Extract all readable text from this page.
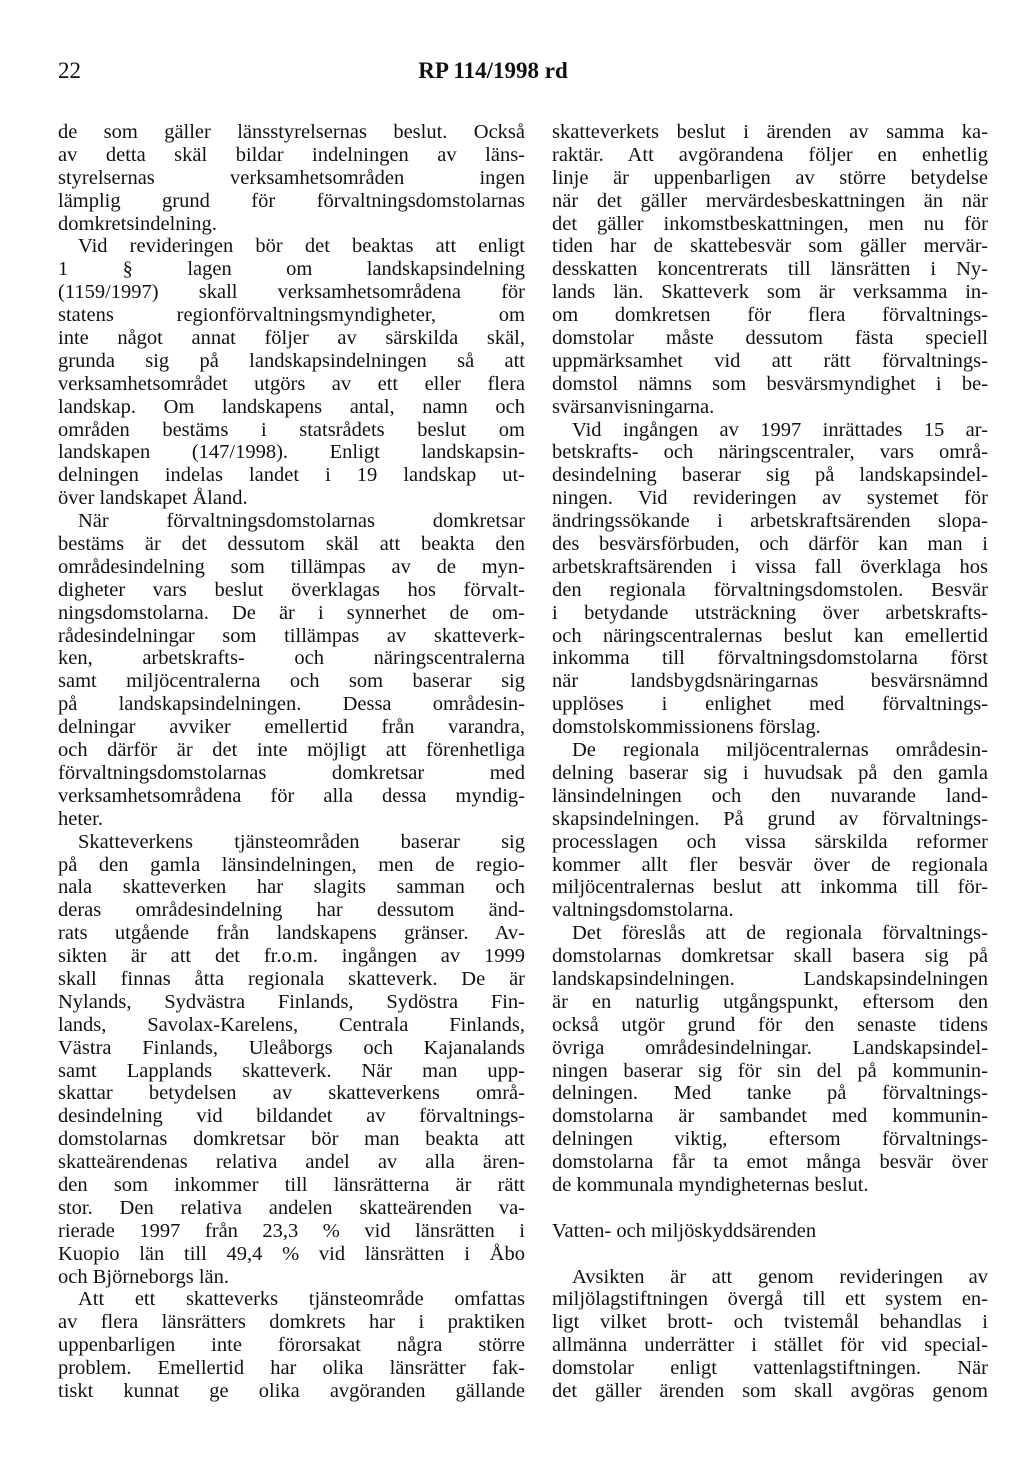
22	RP 114/1998 rd
de som gäller länsstyrelsernas beslut. Också
av detta skäl bildar indelningen av läns-
styrelsernas verksamhetsområden ingen
lämplig grund för förvaltningsdomstolarnas
domkretsindelning.
Vid revideringen bör det beaktas att enligt
1 § lagen om landskapsindelning
(1159/1997) skall verksamhetsområdena för
statens regionförvaltningsmyndigheter, om
inte något annat följer av särskilda skäl,
grunda sig på landskapsindelningen så att
verksamhetsområdet utgörs av ett eller flera
landskap. Om landskapens antal, namn och
områden bestäms i statsrådets beslut om
landskapen (147/1998). Enligt landskapsin-
delningen indelas landet i 19 landskap ut-
över landskapet Åland.
När förvaltningsdomstolarnas domkretsar
bestäms är det dessutom skäl att beakta den
områdesindelning som tillämpas av de myn-
digheter vars beslut överklagas hos förvalt-
ningsdomstolarna. De är i synnerhet de om-
rådesindelningar som tillämpas av skatteverk-
ken, arbetskrafts- och näringscentralerna
samt miljöcentralerna och som baserar sig
på landskapsindelningen. Dessa områdesin-
delningar avviker emellertid från varandra,
och därför är det inte möjligt att förenhetliga
förvaltningsdomstolarnas domkretsar med
verksamhetsområdena för alla dessa myndig-
heter.
Skatteverkens tjänsteområden baserar sig
på den gamla länsindelningen, men de regio-
nala skatteverken har slagits samman och
deras områdesindelning har dessutom änd-
rats utgående från landskapens gränser. Av-
sikten är att det fr.o.m. ingången av 1999
skall finnas åtta regionala skatteverk. De är
Nylands, Sydvästra Finlands, Sydöstra Fin-
lands, Savolax-Karelens, Centrala Finlands,
Västra Finlands, Uleåborgs och Kajanalands
samt Lapplands skatteverk. När man upp-
skattar betydelsen av skatteverkens områ-
desindelning vid bildandet av förvaltnings-
domstolarnas domkretsar bör man beakta att
skatteärendenas relativa andel av alla ären-
den som inkommer till länsrätterna är rätt
stor. Den relativa andelen skatteärenden va-
rierade 1997 från 23,3 % vid länsrätten i
Kuopio län till 49,4 % vid länsrätten i Åbo
och Björneborgs län.
Att ett skatteverks tjänsteområde omfattas
av flera länsrätters domkrets har i praktiken
uppenbarligen inte förorsakat några större
problem. Emellertid har olika länsrätter fak-
tiskt kunnat ge olika avgöranden gällande
skatteverkets beslut i ärenden av samma ka-
raktär. Att avgörandena följer en enhetlig
linje är uppenbarligen av större betydelse
när det gäller mervärdesbeskattningen än när
det gäller inkomstbeskattningen, men nu för
tiden har de skattebesvär som gäller mervär-
desskatten koncentrerats till länsrätten i Ny-
lands län. Skatteverk som är verksamma in-
om domkretsen för flera förvaltnings-
domstolar måste dessutom fästa speciell
uppmärksamhet vid att rätt förvaltnings-
domstol nämns som besvärsmyndighet i be-
svärsanvisningarna.
Vid ingången av 1997 inrättades 15 ar-
betskrafts- och näringscentraler, vars områ-
desindelning baserar sig på landskapsindel-
ningen. Vid revideringen av systemet för
ändringssökande i arbetskraftsärenden slopa-
des besvärsförbuden, och därför kan man i
arbetskraftsärenden i vissa fall överklaga hos
den regionala förvaltningsdomstolen. Besvär
i betydande utsträckning över arbetskrafts-
och näringscentralernas beslut kan emellertid
inkomma till förvaltningsdomstolarna först
när landsbygdsnäringarnas besvärsnämnd
upplöses i enlighet med förvaltnings-
domstolskommissionens förslag.
De regionala miljöcentralernas områdesin-
delning baserar sig i huvudsak på den gamla
länsindelningen och den nuvarande land-
skapsindelningen. På grund av förvaltnings-
processlagen och vissa särskilda reformer
kommer allt fler besvär över de regionala
miljöcentralernas beslut att inkomma till för-
valtningsdomstolarna.
Det föreslås att de regionala förvaltnings-
domstolarnas domkretsar skall basera sig på
landskapsindelningen. Landskapsindelningen
är en naturlig utgångspunkt, eftersom den
också utgör grund för den senaste tidens
övriga områdesindelningar. Landskapsindel-
ningen baserar sig för sin del på kommunin-
delningen. Med tanke på förvaltnings-
domstolarna är sambandet med kommunin-
delningen viktig, eftersom förvaltnings-
domstolarna får ta emot många besvär över
de kommunala myndigheternas beslut.
Vatten- och miljöskyddsärenden
Avsikten är att genom revideringen av
miljölagstiftningen övergå till ett system en-
ligt vilket brott- och tvistemål behandlas i
allmänna underrätter i stället för vid special-
domstolar enligt vattenlagstiftningen. När
det gäller ärenden som skall avgöras genom
